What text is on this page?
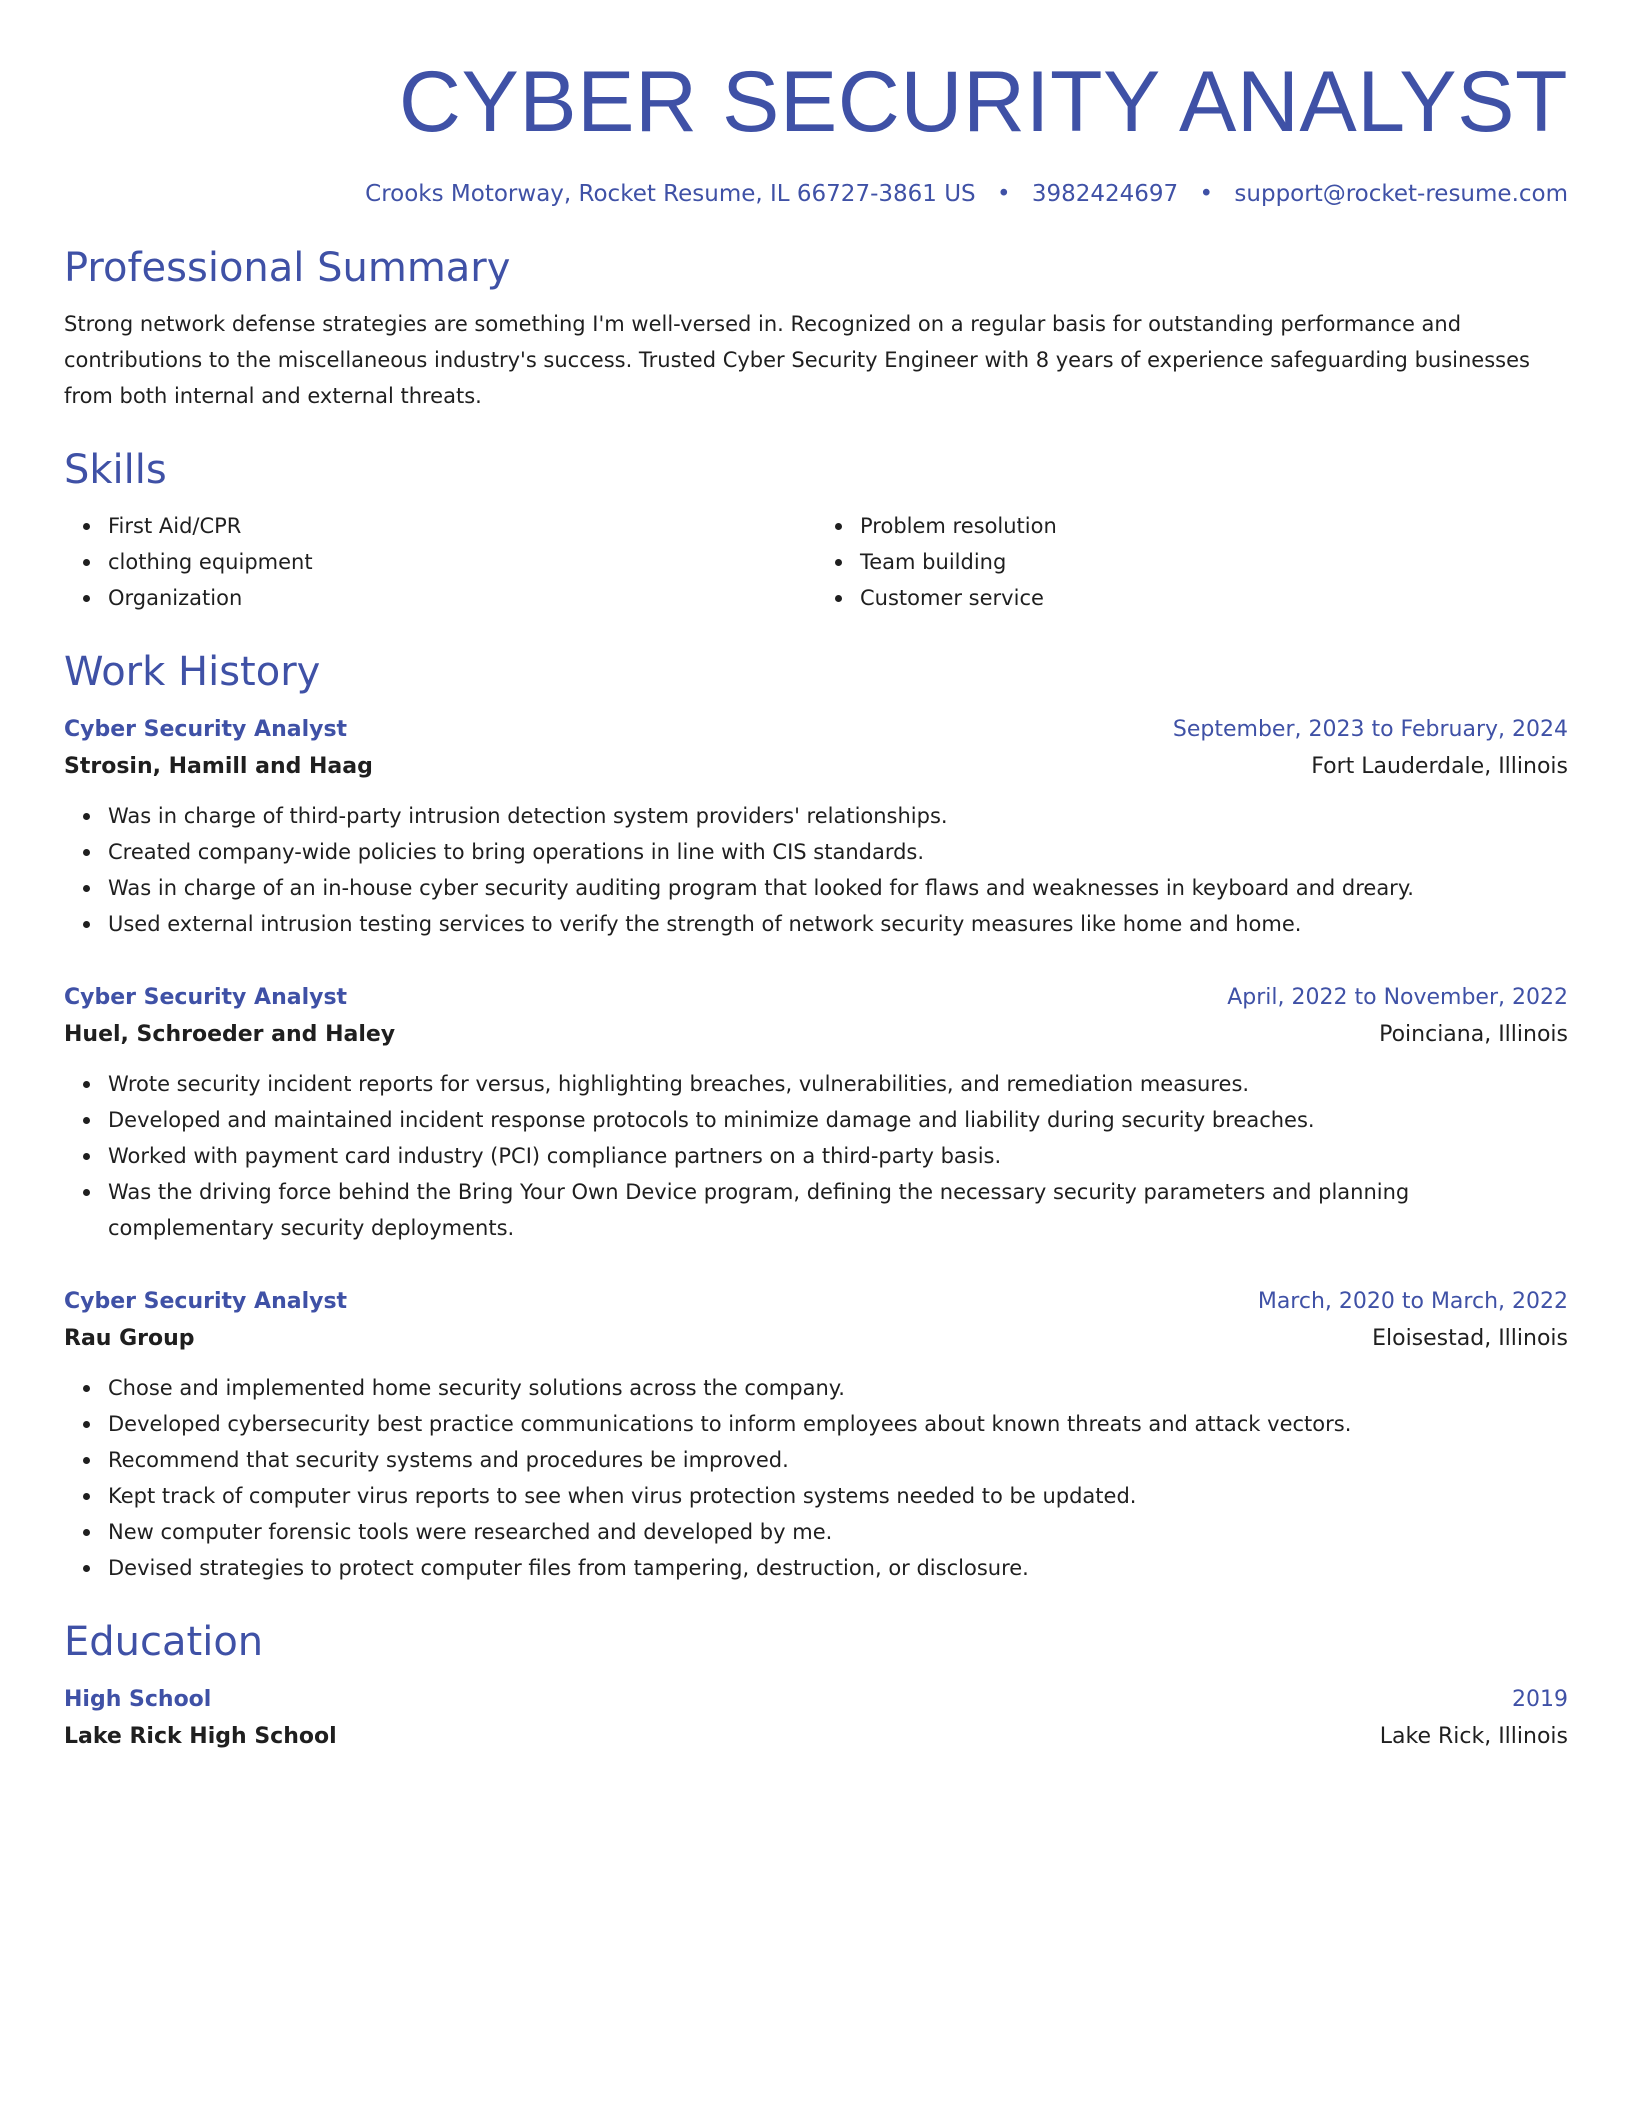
CYBER SECURITY ANALYST
Crooks Motorway, Rocket Resume, IL 66727-3861 US • 3982424697 • support@rocket-resume.com
Professional Summary

Strong network defense strategies are something I'm well-versed in. Recognized on a regular basis for outstanding performance and contributions to the miscellaneous industry's success. Trusted Cyber Security Engineer with 8 years of experience safeguarding businesses from both internal and external threats.

Skills
First Aid/CPR
clothing equipment
Organization
Problem resolution
Team building
Customer service
Work History
Cyber Security Analyst	September, 2023 to February, 2024
Strosin, Hamill and Haag	Fort Lauderdale, Illinois
Was in charge of third-party intrusion detection system providers' relationships.
Created company-wide policies to bring operations in line with CIS standards.
Was in charge of an in-house cyber security auditing program that looked for flaws and weaknesses in keyboard and dreary.
Used external intrusion testing services to verify the strength of network security measures like home and home.
Cyber Security Analyst	April, 2022 to November, 2022
Huel, Schroeder and Haley	Poinciana, Illinois
Wrote security incident reports for versus, highlighting breaches, vulnerabilities, and remediation measures.
Developed and maintained incident response protocols to minimize damage and liability during security breaches.
Worked with payment card industry (PCI) compliance partners on a third-party basis.
Was the driving force behind the Bring Your Own Device program, defining the necessary security parameters and planning complementary security deployments.
Cyber Security Analyst	March, 2020 to March, 2022
Rau Group	Eloisestad, Illinois
Chose and implemented home security solutions across the company.
Developed cybersecurity best practice communications to inform employees about known threats and attack vectors.
Recommend that security systems and procedures be improved.
Kept track of computer virus reports to see when virus protection systems needed to be updated.
New computer forensic tools were researched and developed by me.
Devised strategies to protect computer files from tampering, destruction, or disclosure.
Education
High School	2019
Lake Rick High School	Lake Rick, Illinois
